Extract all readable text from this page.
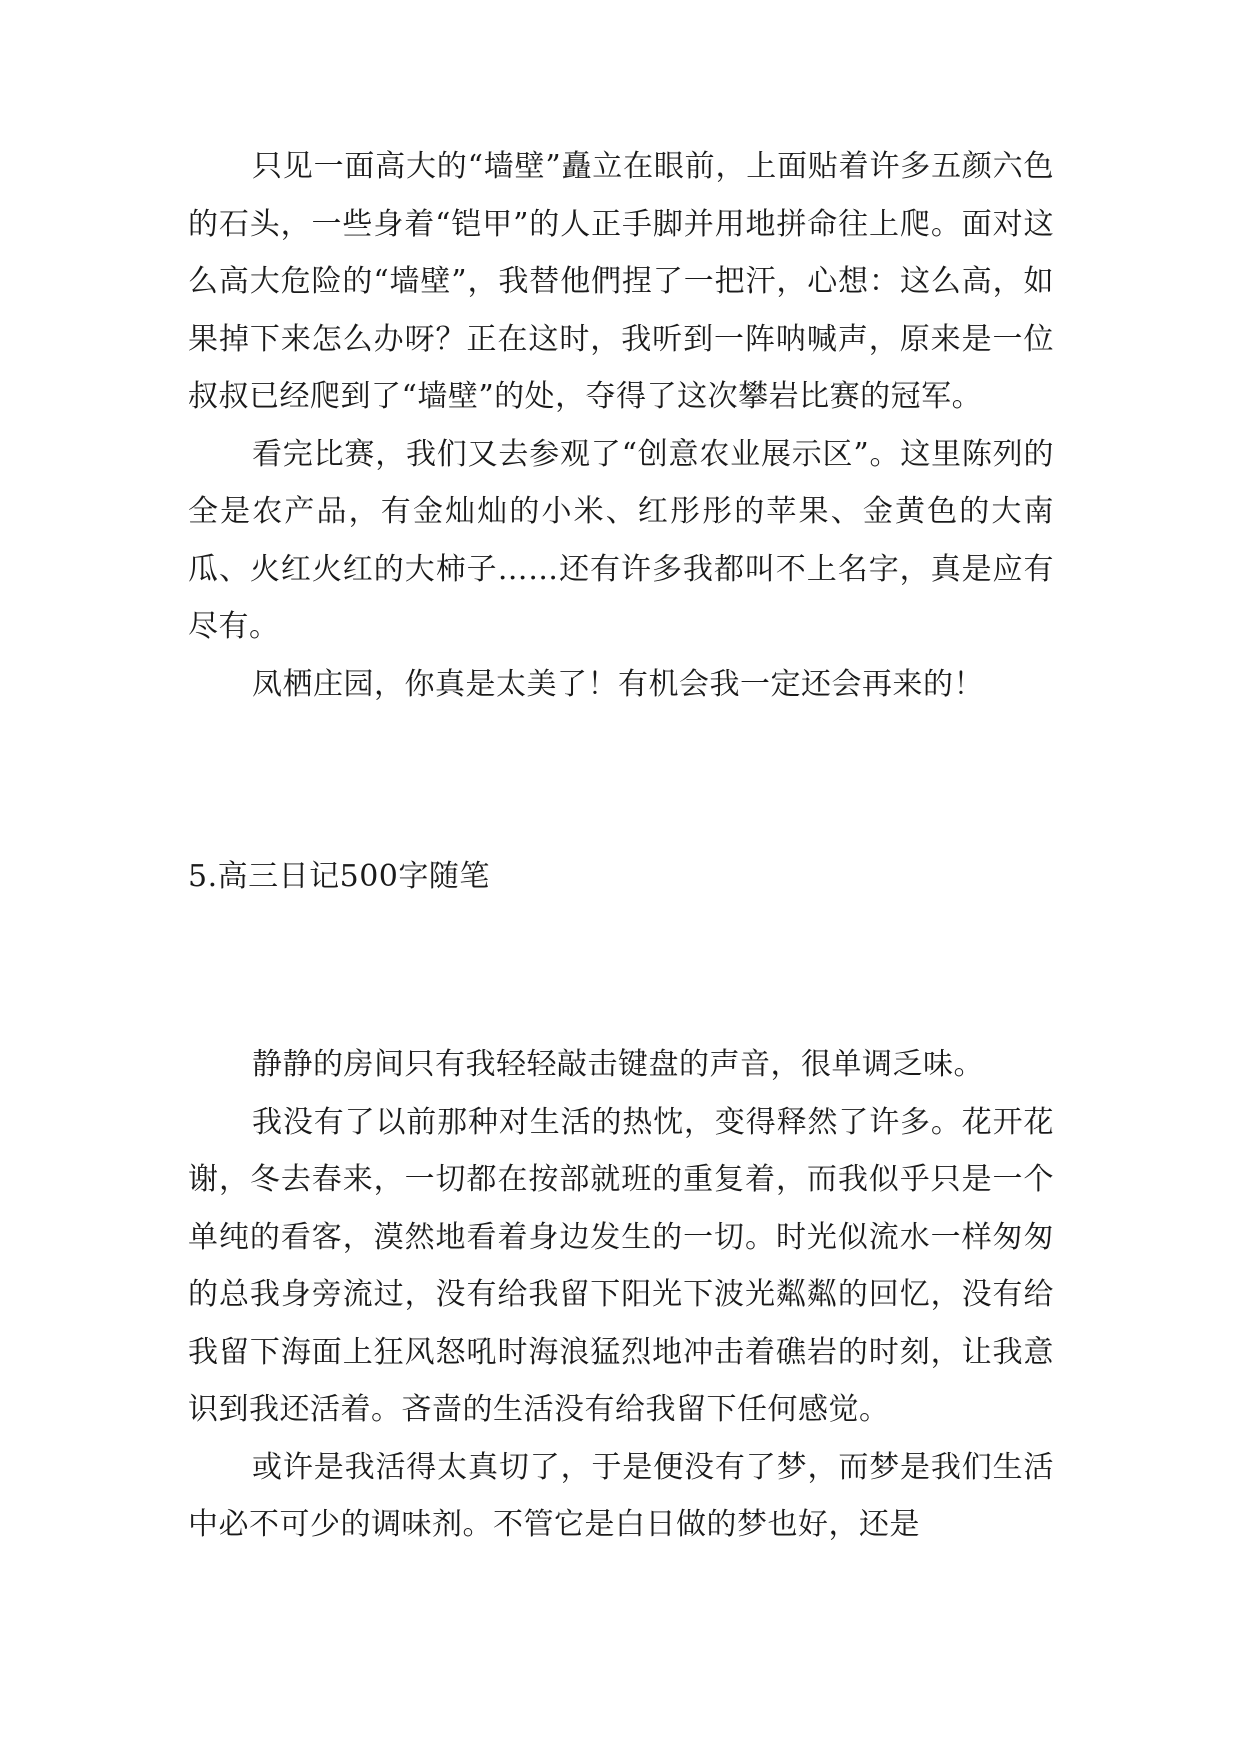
只见一面高大的“墙壁”矗立在眼前，上面贴着许多五颜六色的石头，一些身着“铠甲”的人正手脚并用地拼命往上爬。面对这么高大危险的“墙壁”，我替他們捏了一把汗，心想：这么高，如果掉下来怎么办呀？正在这时，我听到一阵呐喊声，原来是一位叔叔已经爬到了“墙壁”的处，夺得了这次攀岩比赛的冠军。

看完比赛，我们又去参观了“创意农业展示区”。这里陈列的全是农产品，有金灿灿的小米、红彤彤的苹果、金黄色的大南瓜、火红火红的大柿子……还有许多我都叫不上名字，真是应有尽有。

凤栖庄园，你真是太美了！有机会我一定还会再来的！

5.高三日记500字随笔

静静的房间只有我轻轻敲击键盘的声音，很单调乏味。

我没有了以前那种对生活的热忱，变得释然了许多。花开花谢，冬去春来，一切都在按部就班的重复着，而我似乎只是一个单纯的看客，漠然地看着身边发生的一切。时光似流水一样匆匆的总我身旁流过，没有给我留下阳光下波光粼粼的回忆，没有给我留下海面上狂风怒吼时海浪猛烈地冲击着礁岩的时刻，让我意识到我还活着。吝啬的生活没有给我留下任何感觉。

或许是我活得太真切了，于是便没有了梦，而梦是我们生活中必不可少的调味剂。不管它是白日做的梦也好，还是
